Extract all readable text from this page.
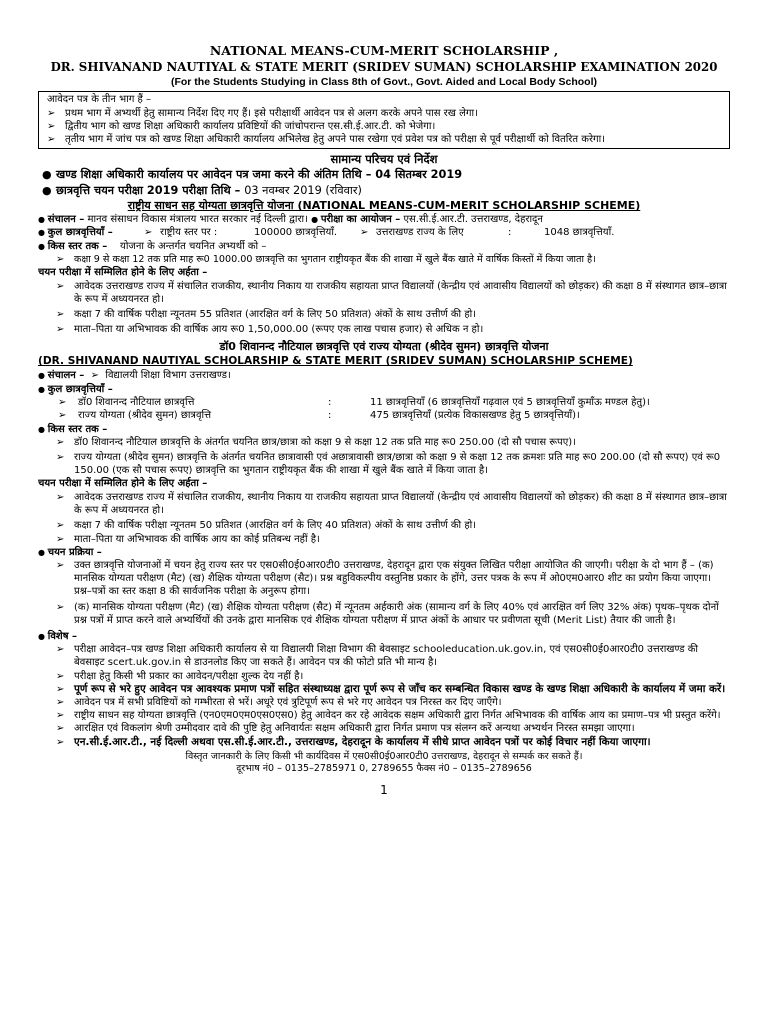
NATIONAL MEANS-CUM-MERIT SCHOLARSHIP ,
DR. SHIVANAND NAUTIYAL & STATE MERIT (SRIDEV SUMAN) SCHOLARSHIP EXAMINATION 2020
(For the Students Studying in Class 8th of Govt., Govt. Aided and Local Body School)
आवेदन पत्र के तीन भाग हैं –
➢ प्रथम भाग में अभ्यर्थी हेतु सामान्य निर्देश दिए गए हैं। इसे परीक्षार्थी आवेदन पत्र से अलग करके अपने पास रख लेगा।
➢ द्वितीय भाग को खण्ड शिक्षा अधिकारी कार्यालय प्रविष्टियों की जांचोपरान्त एस.सी.ई.आर.टी. को भेजेगा।
➢ तृतीय भाग में जांच पत्र को खण्ड शिक्षा अधिकारी कार्यालय अभिलेख हेतु अपने पास रखेगा एवं प्रवेश पत्र को परीक्षा से पूर्व परीक्षार्थी को वितरित करेगा।
सामान्य परिचय एवं निर्देश
● खण्ड शिक्षा अधिकारी कार्यालय पर आवेदन पत्र जमा करने की अंतिम तिथि – 04 सितम्बर 2019
● छात्रवृत्ति चयन परीक्षा 2019 परीक्षा तिथि – 03 नवम्बर 2019 (रविवार)
राष्ट्रीय साधन सह योग्यता छात्रवृत्ति योजना (NATIONAL MEANS-CUM-MERIT SCHOLARSHIP SCHEME)
● संचालन – मानव संसाधन विकास मंत्रालय भारत सरकार नई दिल्ली द्वारा। ● परीक्षा का आयोजन – एस.सी.ई.आर.टी. उत्तराखण्ड, देहरादून
● कुल छात्रवृत्तियाँ –	➢ राष्ट्रीय स्तर पर :	100000 छात्रवृत्तियाँ. ➢ उत्तराखण्ड राज्य के लिए	:	1048 छात्रवृत्तियाँ.
● किस स्तर तक – योजना के अन्तर्गत चयनित अभ्यर्थी को –
➢ कक्षा 9 से कक्षा 12 तक प्रति माह रू0 1000.00 छात्रवृत्ति का भुगतान राष्ट्रीयकृत बैंक की शाखा में खुले बैंक खाते में वार्षिक किस्तों में किया जाता है।
चयन परीक्षा में सम्मिलित होने के लिए अर्हता –
➢ आवेदक उत्तराखण्ड राज्य में संचालित राजकीय, स्थानीय निकाय या राजकीय सहायता प्राप्त विद्यालयों (केन्द्रीय एवं आवासीय विद्यालयों को छोड़कर) की कक्षा 8 में संस्थागत छात्र–छात्रा के रूप में अध्ययनरत हो।
➢ कक्षा 7 की वार्षिक परीक्षा न्यूनतम 55 प्रतिशत (आरक्षित वर्ग के लिए 50 प्रतिशत) अंकों के साथ उत्तीर्ण की हो।
➢ माता–पिता या अभिभावक की वार्षिक आय रू0 1,50,000.00 (रूपए एक लाख पचास हजार) से अधिक न हो।
डॉ0 शिवानन्द नौटियाल छात्रवृत्ति एवं राज्य योग्यता (श्रीदेव सुमन) छात्रवृत्ति योजना
(DR. SHIVANAND NAUTIYAL SCHOLARSHIP & STATE MERIT (SRIDEV SUMAN) SCHOLARSHIP SCHEME)
● संचालन –  ➢  विद्यालयी शिक्षा विभाग उत्तराखण्ड।
● कुल छात्रवृत्तियाँ –
➢ डॉ0 शिवानन्द नौटियाल छात्रवृत्ति	:	11 छात्रवृत्तियाँ (6 छात्रवृत्तियाँ गढ़वाल एवं 5 छात्रवृत्तियाँ कुमाँऊ मण्डल हेतु)।
➢ राज्य योग्यता (श्रीदेव सुमन) छात्रवृत्ति	:	475 छात्रवृत्तियाँ (प्रत्येक विकासखण्ड हेतु 5 छात्रवृत्तियाँ)।
● किस स्तर तक –
➢ डॉ0 शिवानन्द नौटियाल छात्रवृत्ति के अंतर्गत चयनित छात्र/छात्रा को कक्षा 9 से कक्षा 12 तक प्रति माह रू0 250.00 (दो सौ पचास रूपए)।
➢ राज्य योग्यता (श्रीदेव सुमन) छात्रवृत्ति के अंतर्गत चयनित छात्रावासी एवं अछात्रावासी छात्र/छात्रा को कक्षा 9 से कक्षा 12 तक क्रमशः प्रति माह रू0 200.00 (दो सौ रूपए) एवं रू0 150.00 (एक सौ पचास रूपए) छात्रवृत्ति का भुगतान राष्ट्रीयकृत बैंक की शाखा में खुले बैंक खाते में किया जाता है।
चयन परीक्षा में सम्मिलित होने के लिए अर्हता –
➢ आवेदक उत्तराखण्ड राज्य में संचालित राजकीय, स्थानीय निकाय या राजकीय सहायता प्राप्त विद्यालयों (केन्द्रीय एवं आवासीय विद्यालयों को छोड़कर) की कक्षा 8 में संस्थागत छात्र–छात्रा के रूप में अध्ययनरत हो।
➢ कक्षा 7 की वार्षिक परीक्षा न्यूनतम 50 प्रतिशत (आरक्षित वर्ग के लिए 40 प्रतिशत) अंकों के साथ उत्तीर्ण की हो।
➢ माता–पिता या अभिभावक की वार्षिक आय का कोई प्रतिबन्ध नहीं है।
● चयन प्रक्रिया –
➢ उक्त छात्रवृत्ति योजनाओं में चयन हेतु राज्य स्तर पर एस0सी0ई0आर0टी0 उत्तराखण्ड, देहरादून द्वारा एक संयुक्त लिखित परीक्षा आयोजित की जाएगी। परीक्षा के दो भाग हैं – (क) मानसिक योग्यता परीक्षण (मैट) (ख) शैक्षिक योग्यता परीक्षण (सैट)। प्रश्न बहुविकल्पीय वस्तुनिष्ठ प्रकार के होंगे, उत्तर पत्रक के रूप में ओ0एम0आर0 शीट का प्रयोग किया जाएगा। प्रश्न–पत्रों का स्तर कक्षा 8 की सार्वजनिक परीक्षा के अनुरूप होगा।
➢ (क) मानसिक योग्यता परीक्षण (मैट) (ख) शैक्षिक योग्यता परीक्षण (सैट) में न्यूनतम अर्हकारी अंक (सामान्य वर्ग के लिए 40% एवं आरक्षित वर्ग लिए 32% अंक) पृथक–पृथक दोनों प्रश्न पत्रों में प्राप्त करने वाले अभ्यर्थियों की उनके द्वारा मानसिक एवं शैक्षिक योग्यता परीक्षण में प्राप्त अंकों के आधार पर प्रवीणता सूची (Merit List) तैयार की जाती है।
● विशेष –
➢ परीक्षा आवेदन–पत्र खण्ड शिक्षा अधिकारी कार्यालय से या विद्यालयी शिक्षा विभाग की बेवसाइट schooleducation.uk.gov.in, एवं एस0सी0ई0आर0टी0 उत्तराखण्ड की बेवसाइट scert.uk.gov.in से डाउनलोड किए जा सकते हैं। आवेदन पत्र की फोटो प्रति भी मान्य है।
➢ परीक्षा हेतु किसी भी प्रकार का आवेदन/परीक्षा शुल्क देय नहीं है।
➢ पूर्ण रूप से भरे हुए आवेदन पत्र आवश्यक प्रमाण पत्रों सहित संस्थाध्यक्ष द्वारा पूर्ण रूप से जाँच कर सम्बन्धित विकास खण्ड के खण्ड शिक्षा अधिकारी के कार्यालय में जमा करें।
➢ आवेदन पत्र में सभी प्रविष्टियों को गम्भीरता से भरें। अधूरे एवं त्रुटिपूर्ण रूप से भरे गए आवेदन पत्र निरस्त कर दिए जाएँगे।
➢ राष्ट्रीय साधन सह योग्यता छात्रवृत्ति (एन0एम0एम0एस0एस0) हेतु आवेदन कर रहे आवेदक सक्षम अधिकारी द्वारा निर्गत अभिभावक की वार्षिक आय का प्रमाण–पत्र भी प्रस्तुत करेंगे।
➢ आरक्षित एवं विकलांग श्रेणी उम्मीदवार दावे की पुष्टि हेतु अनिवार्यतः सक्षम अधिकारी द्वारा निर्गत प्रमाण पत्र संलग्न करें अन्यथा अभ्यर्थन निरस्त समझा जाएगा।
➢ एन.सी.ई.आर.टी., नई दिल्ली अथवा एस.सी.ई.आर.टी., उत्तराखण्ड, देहरादून के कार्यालय में सीधे प्राप्त आवेदन पत्रों पर कोई विचार नहीं किया जाएगा।
विस्तृत जानकारी के लिए किसी भी कार्यदिवस में एस0सी0ई0आर0टी0 उत्तराखण्ड, देहरादून से सम्पर्क कर सकते हैं।
दूरभाष नं0 – 0135–2785971 0, 2789655 फैक्स नं0 – 0135–2789656
1
